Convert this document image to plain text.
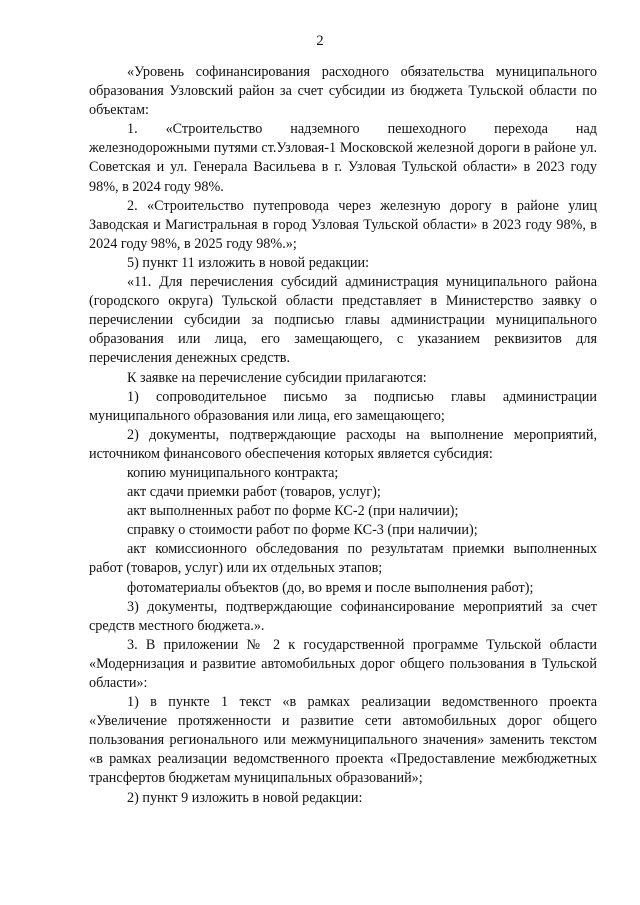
2

«Уровень софинансирования расходного обязательства муниципального образования Узловский район за счет субсидии из бюджета Тульской области по объектам:

1. «Строительство надземного пешеходного перехода над железнодорожными путями ст.Узловая-1 Московской железной дороги в районе ул. Советская и ул. Генерала Васильева в г. Узловая Тульской области» в 2023 году 98%, в 2024 году 98%.

2. «Строительство путепровода через железную дорогу в районе улиц Заводская и Магистральная в город Узловая Тульской области» в 2023 году 98%, в 2024 году 98%, в 2025 году 98%.»;

5) пункт 11 изложить в новой редакции:

«11. Для перечисления субсидий администрация муниципального района (городского округа) Тульской области представляет в Министерство заявку о перечислении субсидии за подписью главы администрации муниципального образования или лица, его замещающего, с указанием реквизитов для перечисления денежных средств.

К заявке на перечисление субсидии прилагаются:

1) сопроводительное письмо за подписью главы администрации муниципального образования или лица, его замещающего;

2) документы, подтверждающие расходы на выполнение мероприятий, источником финансового обеспечения которых является субсидия:

копию муниципального контракта;

акт сдачи приемки работ (товаров, услуг);

акт выполненных работ по форме КС-2 (при наличии);

справку о стоимости работ по форме КС-3 (при наличии);

акт комиссионного обследования по результатам приемки выполненных работ (товаров, услуг) или их отдельных этапов;

фотоматериалы объектов (до, во время и после выполнения работ);

3) документы, подтверждающие софинансирование мероприятий за счет средств местного бюджета.».

3. В приложении № 2 к государственной программе Тульской области «Модернизация и развитие автомобильных дорог общего пользования в Тульской области»:

1) в пункте 1 текст «в рамках реализации ведомственного проекта «Увеличение протяженности и развитие сети автомобильных дорог общего пользования регионального или межмуниципального значения» заменить текстом «в рамках реализации ведомственного проекта «Предоставление межбюджетных трансфертов бюджетам муниципальных образований»;

2) пункт 9 изложить в новой редакции:
